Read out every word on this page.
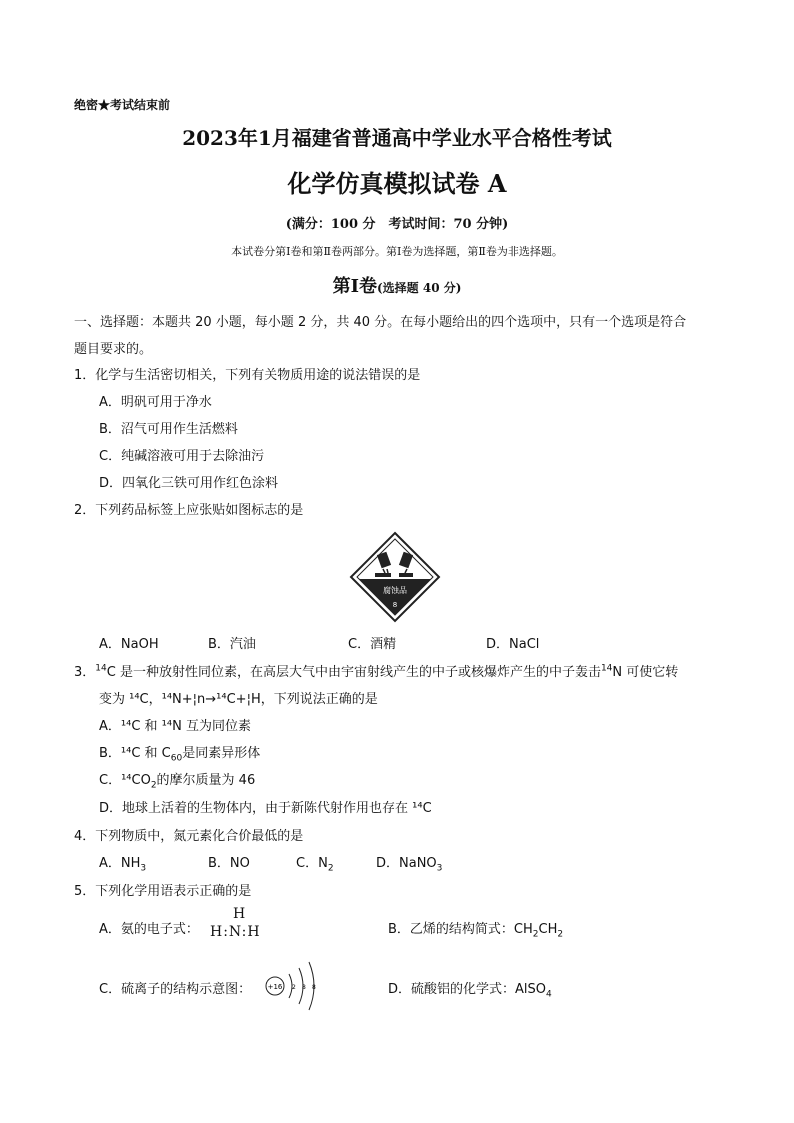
绝密★考试结束前
2023年1月福建省普通高中学业水平合格性考试
化学仿真模拟试卷 A
(满分：100 分　考试时间：70 分钟)
本试卷分第Ⅰ卷和第Ⅱ卷两部分。第Ⅰ卷为选择题，第Ⅱ卷为非选择题。
第Ⅰ卷(选择题 40 分)
一、选择题：本题共 20 小题，每小题 2 分，共 40 分。在每小题给出的四个选项中，只有一个选项是符合
题目要求的。
1．化学与生活密切相关，下列有关物质用途的说法错误的是
A．明矾可用于净水
B．沼气可用作生活燃料
C．纯碱溶液可用于去除油污
D．四氧化三铁可用作红色涂料
2．下列药品标签上应张贴如图标志的是
腐蚀品
8
A．NaOH	B．汽油	C．酒精	D．NaCl
3．$^{14}$C 是一种放射性同位素，在高层大气中由宇宙射线产生的中子或核爆炸产生的中子轰击$^{14}$N 可使它转
变为 ¹⁴C，¹⁴N+¦n→¹⁴C+¦H，下列说法正确的是
A．¹⁴C 和 ¹⁴N 互为同位素
B．¹⁴C 和 $C_{60}$是同素异形体
C．$^{14}CO_2$的摩尔质量为 46
D．地球上活着的生物体内，由于新陈代射作用也存在 ¹⁴C
4．下列物质中，氮元素化合价最低的是
A．$NH_3$	B．NO	C．$N_2$	D．NaNO$_3$
5．下列化学用语表示正确的是
A．氨的电子式：
H
H:N:H	B．乙烯的结构简式：$CH_2CH_2$
C．硫离子的结构示意图： +16 2 8 8	D．硫酸铝的化学式：AlSO$_4$
